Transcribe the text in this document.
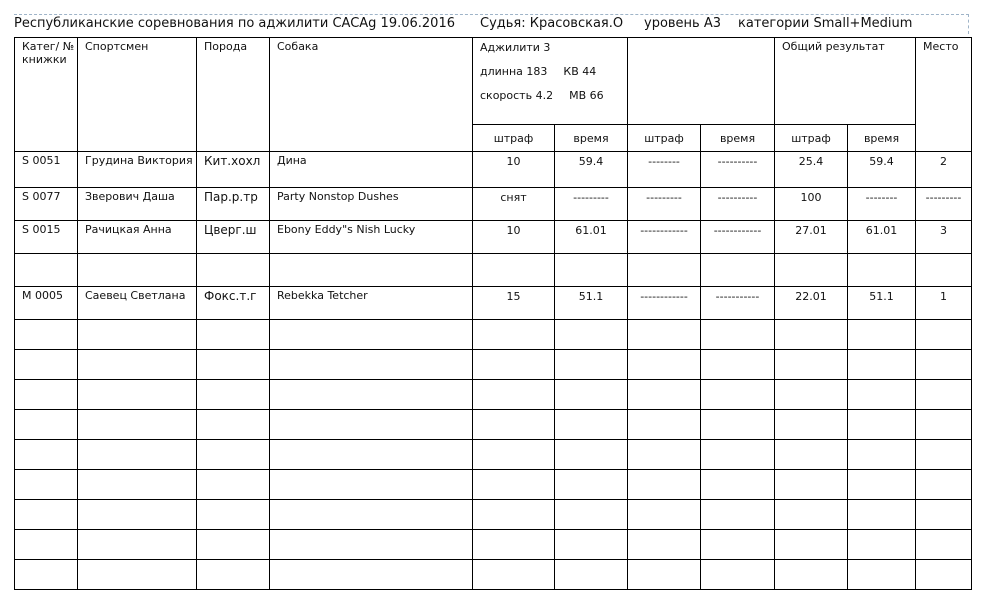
Республиканские соревнования по аджилити CACAg 19.06.2016 Судья: Красовская.О уровень А3 категории Small+Medium
Катег/ № книжки	Спортсмен	Порода	Собака	Аджилити 3
длинна 183 КВ 44
скорость 4.2 МВ 66				Общий результат		Место
				штраф	время	штраф	время	штраф	время	
S 0051	Грудина Виктория	Кит.хохл	Дина	10	59.4	--------	----------	25.4	59.4	2
S 0077	Зверович Даша	Пар.р.тр	Party Nonstop Dushes	снят	---------	---------	----------	100	--------	---------
S 0015	Рачицкая Анна	Цверг.ш	Ebony Eddy"s Nish Lucky	10	61.01	------------	------------	27.01	61.01	3

M 0005	Саевец Светлана	Фокс.т.г	Rebekka Tetcher	15	51.1	------------	-----------	22.01	51.1	1
